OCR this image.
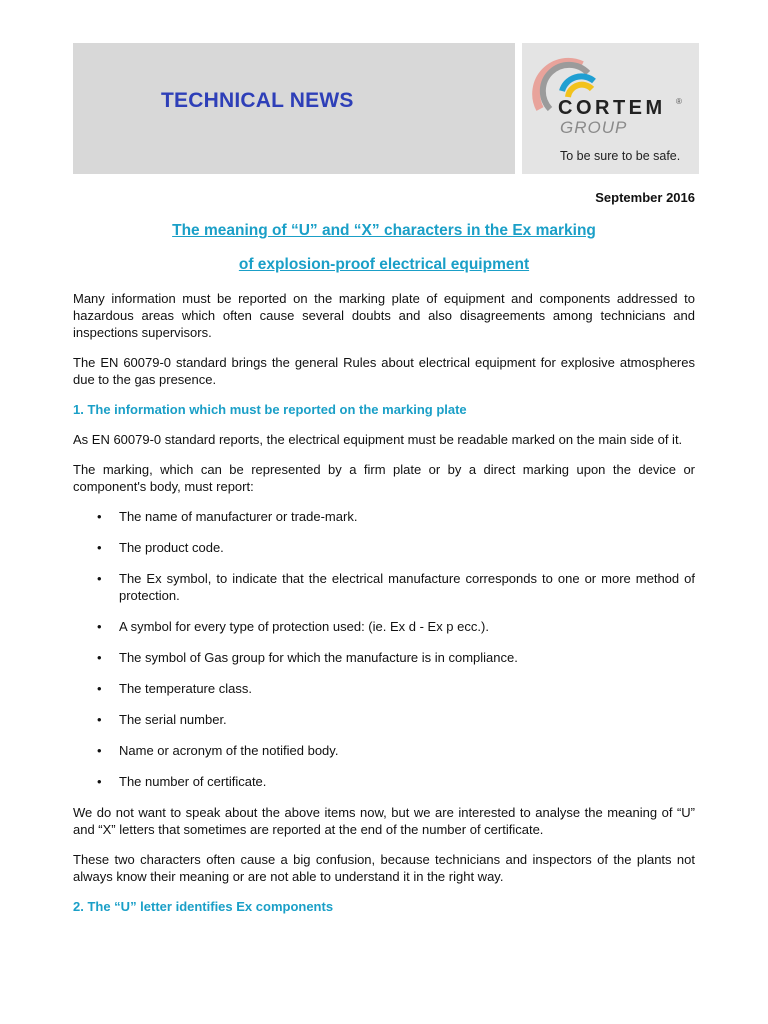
TECHNICAL NEWS	CORTEM ®
GROUP
To be sure to be safe.
September 2016
The meaning of “U” and “X” characters in the Ex marking
of explosion-proof electrical equipment

Many information must be reported on the marking plate of equipment and components addressed to hazardous areas which often cause several doubts and also disagreements among technicians and inspections supervisors.

The EN 60079-0 standard brings the general Rules about electrical equipment for explosive atmospheres due to the gas presence.

1. The information which must be reported on the marking plate

As EN 60079-0 standard reports, the electrical equipment must be readable marked on the main side of it.

The marking, which can be represented by a firm plate or by a direct marking upon the device or component's body, must report:

• The name of manufacturer or trade-mark.
• The product code.
• The Ex symbol, to indicate that the electrical manufacture corresponds to one or more method of protection.
• A symbol for every type of protection used: (ie. Ex d - Ex p ecc.).
• The symbol of Gas group for which the manufacture is in compliance.
• The temperature class.
• The serial number.
• Name or acronym of the notified body.
• The number of certificate.

We do not want to speak about the above items now, but we are interested to analyse the meaning of “U” and “X” letters that sometimes are reported at the end of the number of certificate.

These two characters often cause a big confusion, because technicians and inspectors of the plants not always know their meaning or are not able to understand it in the right way.

2. The “U” letter identifies Ex components
